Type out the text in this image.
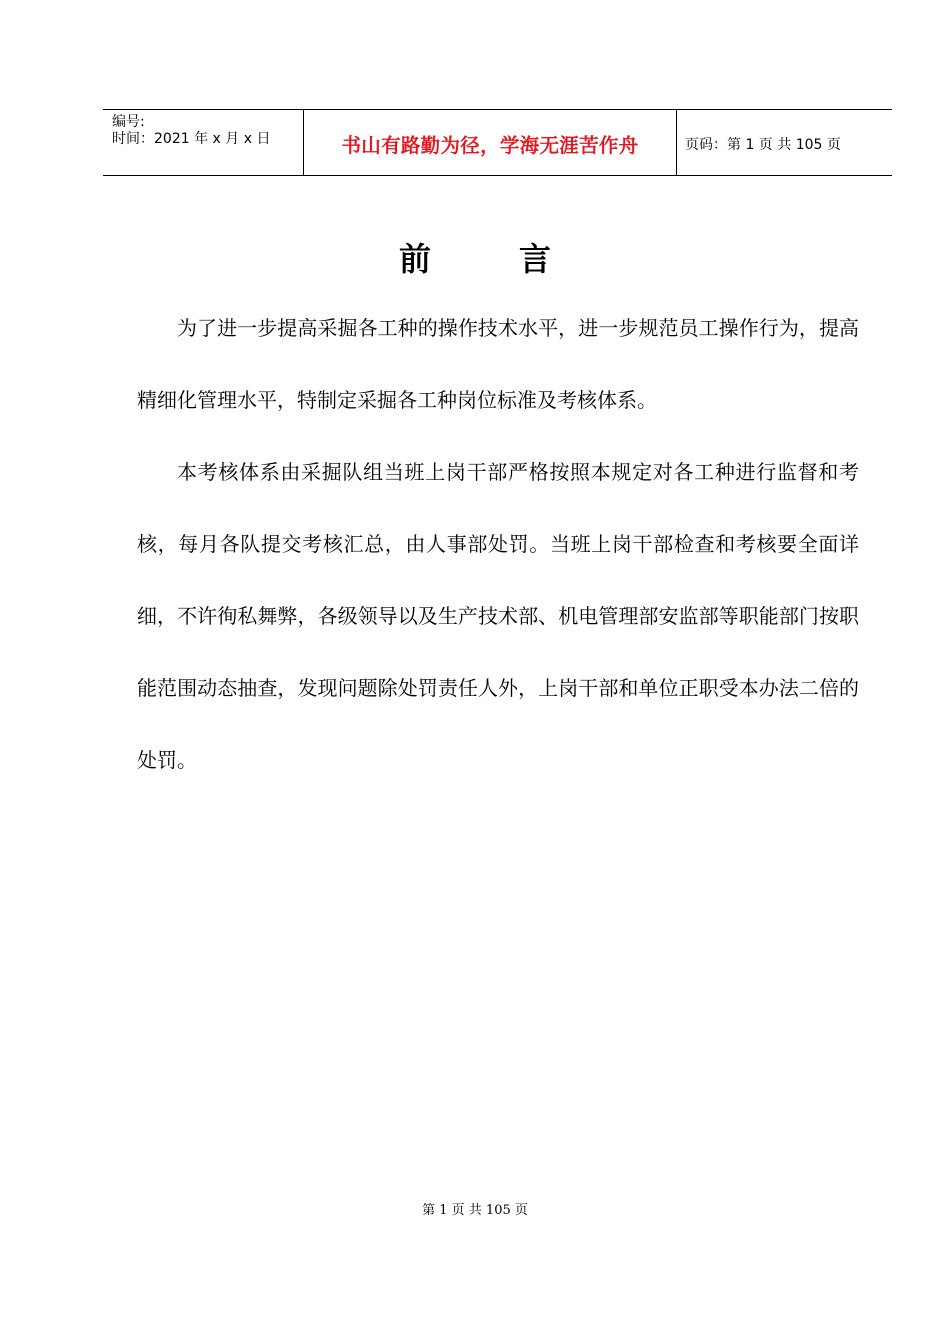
编号:
时间：2021 年 x 月 x 日	书山有路勤为径，学海无涯苦作舟	页码：第 1 页 共 105 页
前	言

为了进一步提高采掘各工种的操作技术水平，进一步规范员工操作行为，提高精细化管理水平，特制定采掘各工种岗位标准及考核体系。

本考核体系由采掘队组当班上岗干部严格按照本规定对各工种进行监督和考核，每月各队提交考核汇总，由人事部处罚。当班上岗干部检查和考核要全面详细，不许徇私舞弊，各级领导以及生产技术部、机电管理部安监部等职能部门按职能范围动态抽查，发现问题除处罚责任人外，上岗干部和单位正职受本办法二倍的处罚。

第 1 页 共 105 页
